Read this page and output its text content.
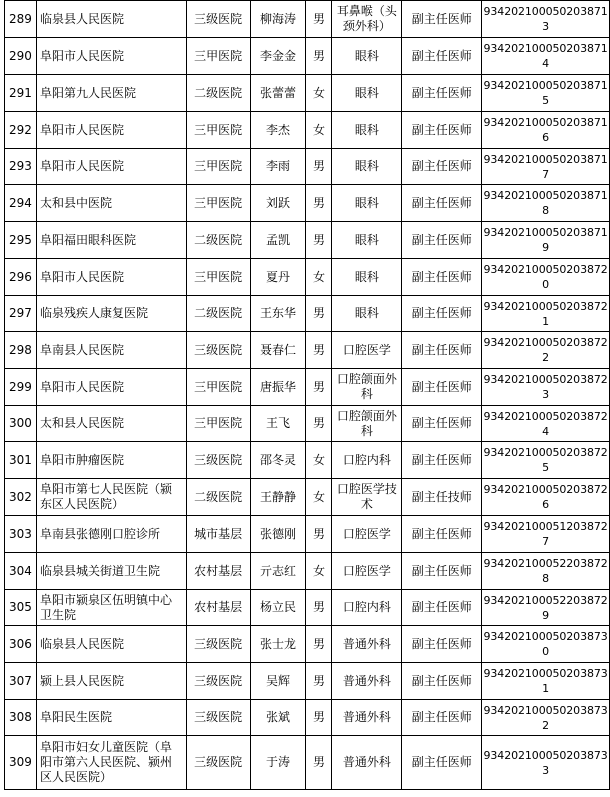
289	临泉县人民医院	三级医院	柳海涛	男	耳鼻喉（头颈外科）	副主任医师	9342021000502038713
290	阜阳市人民医院	三甲医院	李金金	男	眼科	副主任医师	9342021000502038714
291	阜阳第九人民医院	二级医院	张蕾蕾	女	眼科	副主任医师	9342021000502038715
292	阜阳市人民医院	三甲医院	李杰	女	眼科	副主任医师	9342021000502038716
293	阜阳市人民医院	三甲医院	李雨	男	眼科	副主任医师	9342021000502038717
294	太和县中医院	三甲医院	刘跃	男	眼科	副主任医师	9342021000502038718
295	阜阳福田眼科医院	二级医院	孟凯	男	眼科	副主任医师	9342021000502038719
296	阜阳市人民医院	三甲医院	夏丹	女	眼科	副主任医师	9342021000502038720
297	临泉残疾人康复医院	二级医院	王东华	男	眼科	副主任医师	9342021000502038721
298	阜南县人民医院	三级医院	聂春仁	男	口腔医学	副主任医师	9342021000502038722
299	阜阳市人民医院	三甲医院	唐振华	男	口腔颌面外科	副主任医师	9342021000502038723
300	太和县人民医院	三甲医院	王飞	男	口腔颌面外科	副主任医师	9342021000502038724
301	阜阳市肿瘤医院	三级医院	邵冬灵	女	口腔内科	副主任医师	9342021000502038725
302	阜阳市第七人民医院（颍东区人民医院）	二级医院	王静静	女	口腔医学技术	副主任技师	9342021000502038726
303	阜南县张德刚口腔诊所	城市基层	张德刚	男	口腔医学	副主任医师	9342021000512038727
304	临泉县城关街道卫生院	农村基层	亓志红	女	口腔医学	副主任医师	9342021000522038728
305	阜阳市颍泉区伍明镇中心卫生院	农村基层	杨立民	男	口腔内科	副主任医师	9342021000522038729
306	临泉县人民医院	三级医院	张士龙	男	普通外科	副主任医师	9342021000502038730
307	颍上县人民医院	三级医院	吴辉	男	普通外科	副主任医师	9342021000502038731
308	阜阳民生医院	三级医院	张斌	男	普通外科	副主任医师	9342021000502038732
309	阜阳市妇女儿童医院（阜阳市第六人民医院、颍州区人民医院）	三级医院	于涛	男	普通外科	副主任医师	9342021000502038733
